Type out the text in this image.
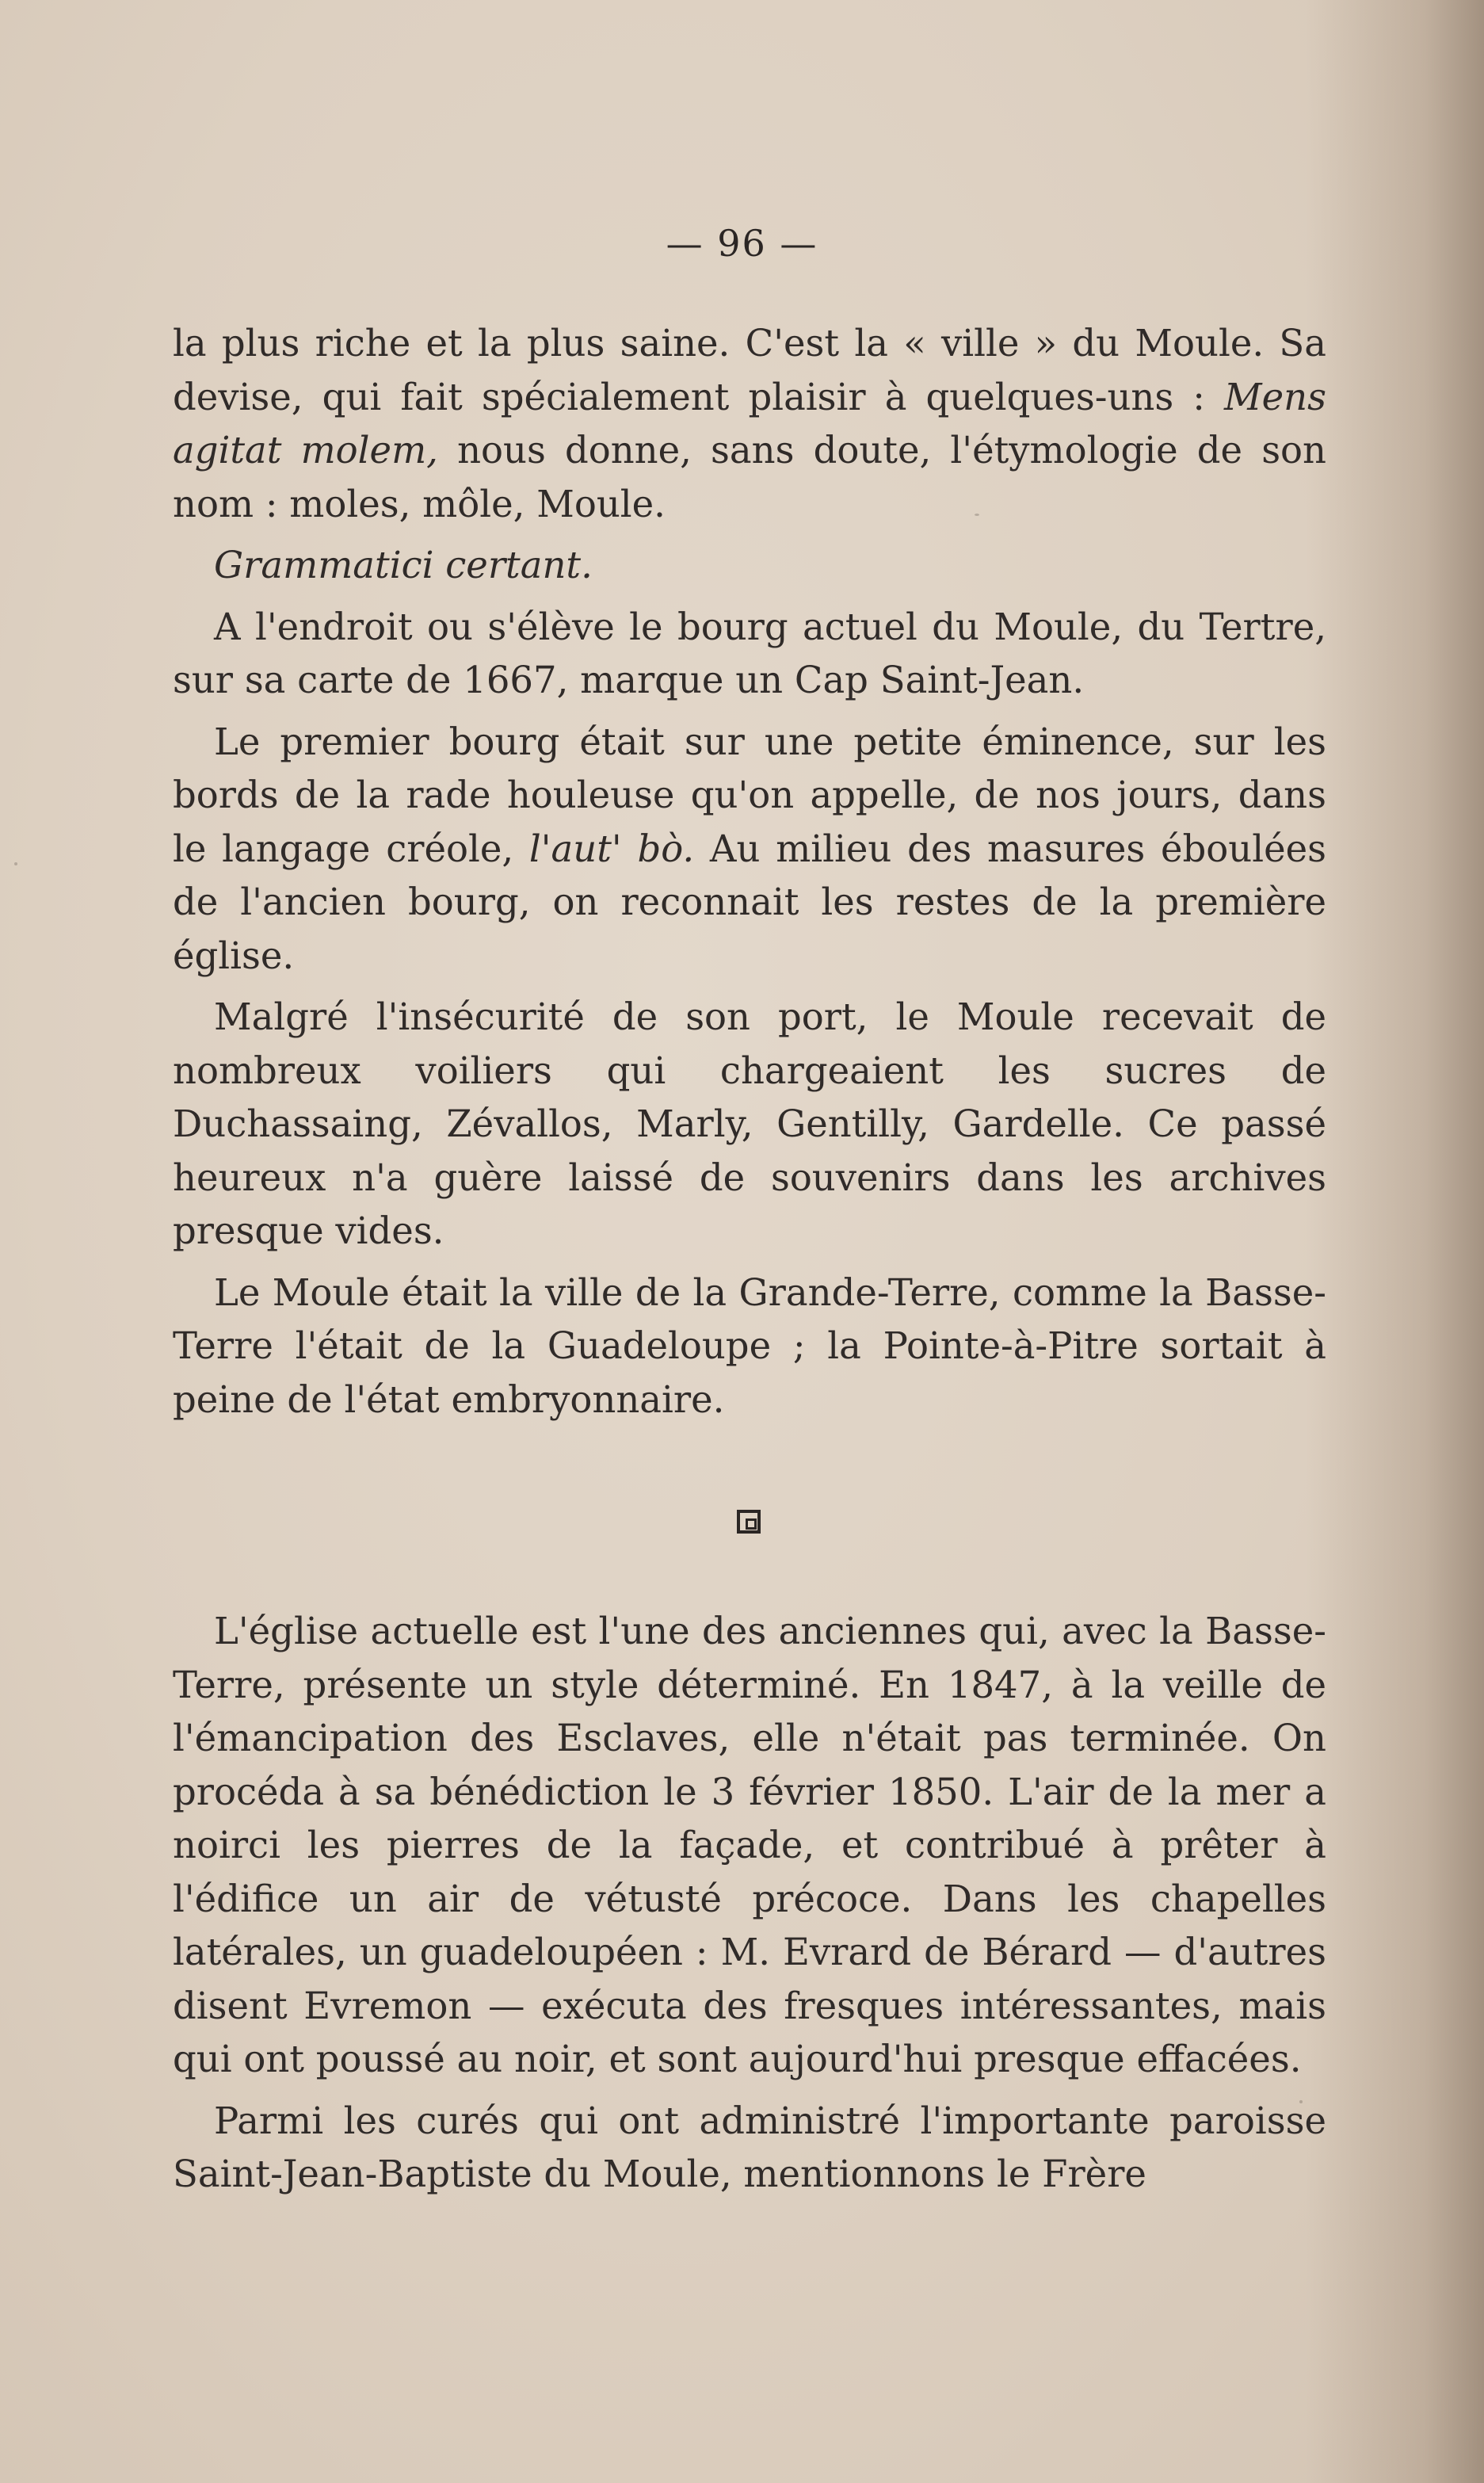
— 96 —

la plus riche et la plus saine. C'est la « ville » du Moule. Sa devise, qui fait spécialement plaisir à quelques-uns : Mens agitat molem, nous donne, sans doute, l'étymologie de son nom : moles, môle, Moule.

Grammatici certant.

A l'endroit ou s'élève le bourg actuel du Moule, du Tertre, sur sa carte de 1667, marque un Cap Saint-Jean.

Le premier bourg était sur une petite éminence, sur les bords de la rade houleuse qu'on appelle, de nos jours, dans le langage créole, l'aut' bò. Au milieu des masures éboulées de l'ancien bourg, on reconnait les restes de la première église.

Malgré l'insécurité de son port, le Moule recevait de nombreux voiliers qui chargeaient les sucres de Duchassaing, Zévallos, Marly, Gentilly, Gardelle. Ce passé heureux n'a guère laissé de souvenirs dans les archives presque vides.

Le Moule était la ville de la Grande-Terre, comme la Basse-Terre l'était de la Guadeloupe ; la Pointe-à-Pitre sortait à peine de l'état embryonnaire.

L'église actuelle est l'une des anciennes qui, avec la Basse-Terre, présente un style déterminé. En 1847, à la veille de l'émancipation des Esclaves, elle n'était pas terminée. On procéda à sa bénédiction le 3 février 1850. L'air de la mer a noirci les pierres de la façade, et contribué à prêter à l'édifice un air de vétusté précoce. Dans les chapelles latérales, un guadeloupéen : M. Evrard de Bérard — d'autres disent Evremon — exécuta des fresques intéressantes, mais qui ont poussé au noir, et sont aujourd'hui presque effacées.

Parmi les curés qui ont administré l'importante paroisse Saint-Jean-Baptiste du Moule, mentionnons le Frère
